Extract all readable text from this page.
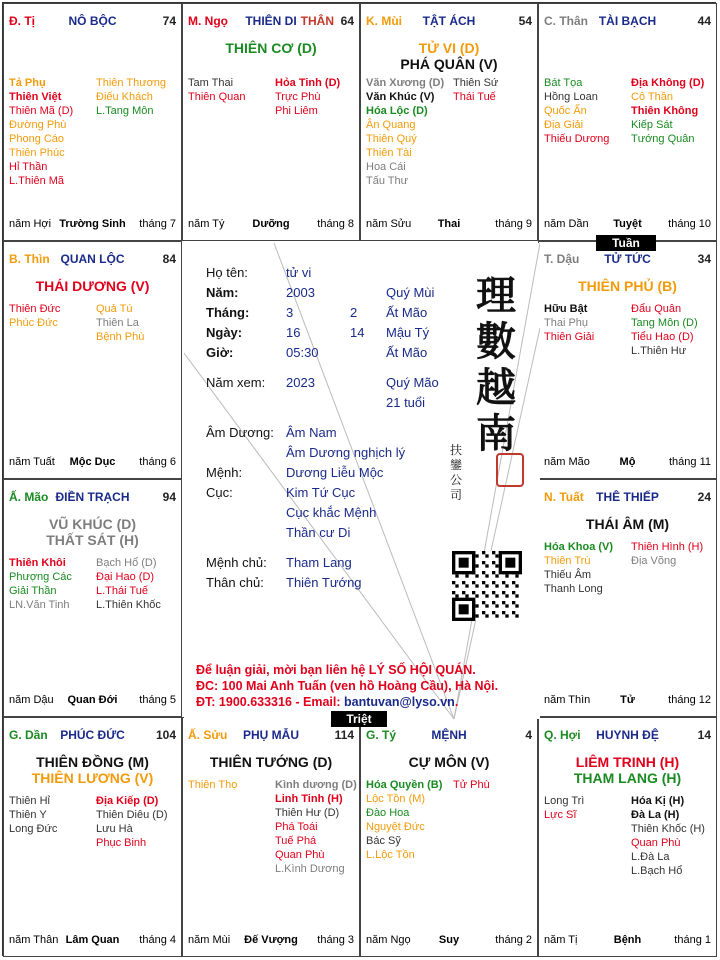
Đ. Tị	NÔ BỘC	74
Tả Phụ
Thiên Việt
Thiên Mã (D)
Đường Phù
Phong Cáo
Thiên Phúc
Hỉ Thần
L.Thiên Mã
Thiên Thương
Điếu Khách
L.Tang Môn
năm Hợi Trường Sinh tháng 7
M. Ngọ THIÊN DI THÂN 64
THIÊN CƠ (D)
Tam Thai
Thiên Quan
Hỏa Tinh (D)
Trực Phù
Phi Liêm
năm Tý	Dưỡng	tháng 8
K. Mùi TẬT ÁCH	54
TỬ VI (D)
PHÁ QUÂN (V)
Văn Xương (D)
Văn Khúc (V)
Hóa Lộc (D)
Ân Quang
Thiên Quý
Thiên Tài
Hoa Cái
Tấu Thư
Thiên Sứ
Thái Tuế
năm Sửu Thai	tháng 9
C. Thân TÀI BẠCH	44
Bát Tọa
Hồng Loan
Quốc Ấn
Địa Giải
Thiếu Dương
Địa Không (D)
Cô Thần
Thiên Không
Kiếp Sát
Tướng Quân
năm Dần Tuyệt tháng 10
B. Thìn QUAN LỘC	84
THÁI DƯƠNG (V)
Thiên Đức
Phúc Đức
Quả Tú
Thiên La
Bệnh Phù
năm Tuất Mộc Dục tháng 6
T. Dậu TỬ TỨC	34
THIÊN PHỦ (B)
Hữu Bật
Thai Phụ
Thiên Giải
Đẩu Quân
Tang Môn (D)
Tiểu Hao (D)
L.Thiên Hư
năm Mão	Mộ	tháng 11
Ấ. Mão ĐIỀN TRẠCH	94
VŨ KHÚC (D)
THẤT SÁT (H)
Thiên Khôi
Phượng Các
Giải Thần
LN.Văn Tinh
Bạch Hổ (D)
Đại Hao (D)
L.Thái Tuế
L.Thiên Khốc
năm Dậu Quan Đới tháng 5
N. Tuất THÊ THIẾP	24
THÁI ÂM (M)
Hóa Khoa (V)
Thiên Trù
Thiếu Âm
Thanh Long
Thiên Hình (H)
Địa Võng
năm Thìn	Tử	tháng 12
G. Dần PHÚC ĐỨC	104
THIÊN ĐỒNG (M)
THIÊN LƯƠNG (V)
Thiên Hỉ
Thiên Y
Long Đức
Địa Kiếp (D)
Thiên Diêu (D)
Lưu Hà
Phục Binh
năm Thân Lâm Quan tháng 4
Ấ. Sửu PHỤ MẪU	114
THIÊN TƯỚNG (D)
Thiên Thọ	Kình dương (D)
Linh Tinh (H)
Thiên Hư (D)
Phá Toái
Tuế Phá
Quan Phù
L.Kình Dương
năm Mùi Đế Vượng tháng 3
G. Tý	MỆNH	4
CỰ MÔN (V)
Hóa Quyền (B)
Lộc Tồn (M)
Đào Hoa
Nguyệt Đức
Bác Sỹ
L.Lộc Tồn
Tử Phù
năm Ngọ	Suy	tháng 2
Q. Hợi HUYNH ĐỆ	14
LIÊM TRINH (H)
THAM LANG (H)
Long Trì
Lực Sĩ
Hóa Kị (H)
Đà La (H)
Thiên Khốc (H)
Quan Phù
L.Đà La
L.Bạch Hổ
năm Tị	Bệnh	tháng 1
Họ tên:	tử vi
Năm:	2003	Quý Mùi
Tháng:	3	2 Ất Mão
Ngày:	16	14 Mậu Tý
Giờ:	05:30	Ất Mão
Năm xem: 2023	Quý Mão
21 tuổi
Âm Dương: Âm Nam
Âm Dương nghịch lý
Mệnh:	Dương Liễu Mộc
Cục:	Kim Tứ Cục
Cục khắc Mệnh
Thần cư Di
Mệnh chủ: Tham Lang
Thân chủ: Thiên Tướng
理
數
越
南
扶鑾公司
Để luận giải, mời bạn liên hệ LÝ SỐ HỘI QUÁN.
ĐC: 100 Mai Anh Tuấn (ven hồ Hoàng Cầu), Hà Nội.
ĐT: 1900.633316 - Email: bantuvan@lyso.vn.
Tuần
Triệt
